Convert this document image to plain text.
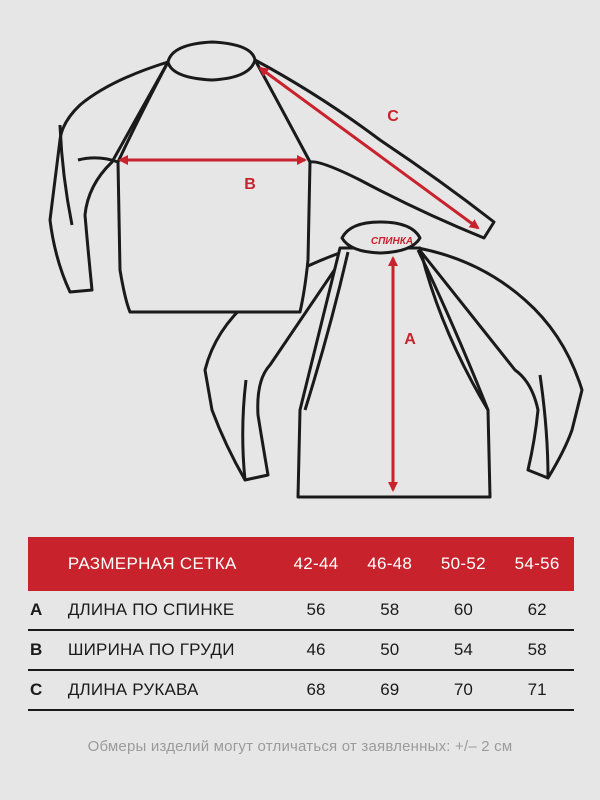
СПИНКА
B
C
A
	РАЗМЕРНАЯ СЕТКА	42-44	46-48	50-52	54-56
A	ДЛИНА ПО СПИНКЕ	56	58	60	62
B	ШИРИНА ПО ГРУДИ	46	50	54	58
C	ДЛИНА РУКАВА	68	69	70	71
Обмеры изделий могут отличаться от заявленных: +/– 2 см
